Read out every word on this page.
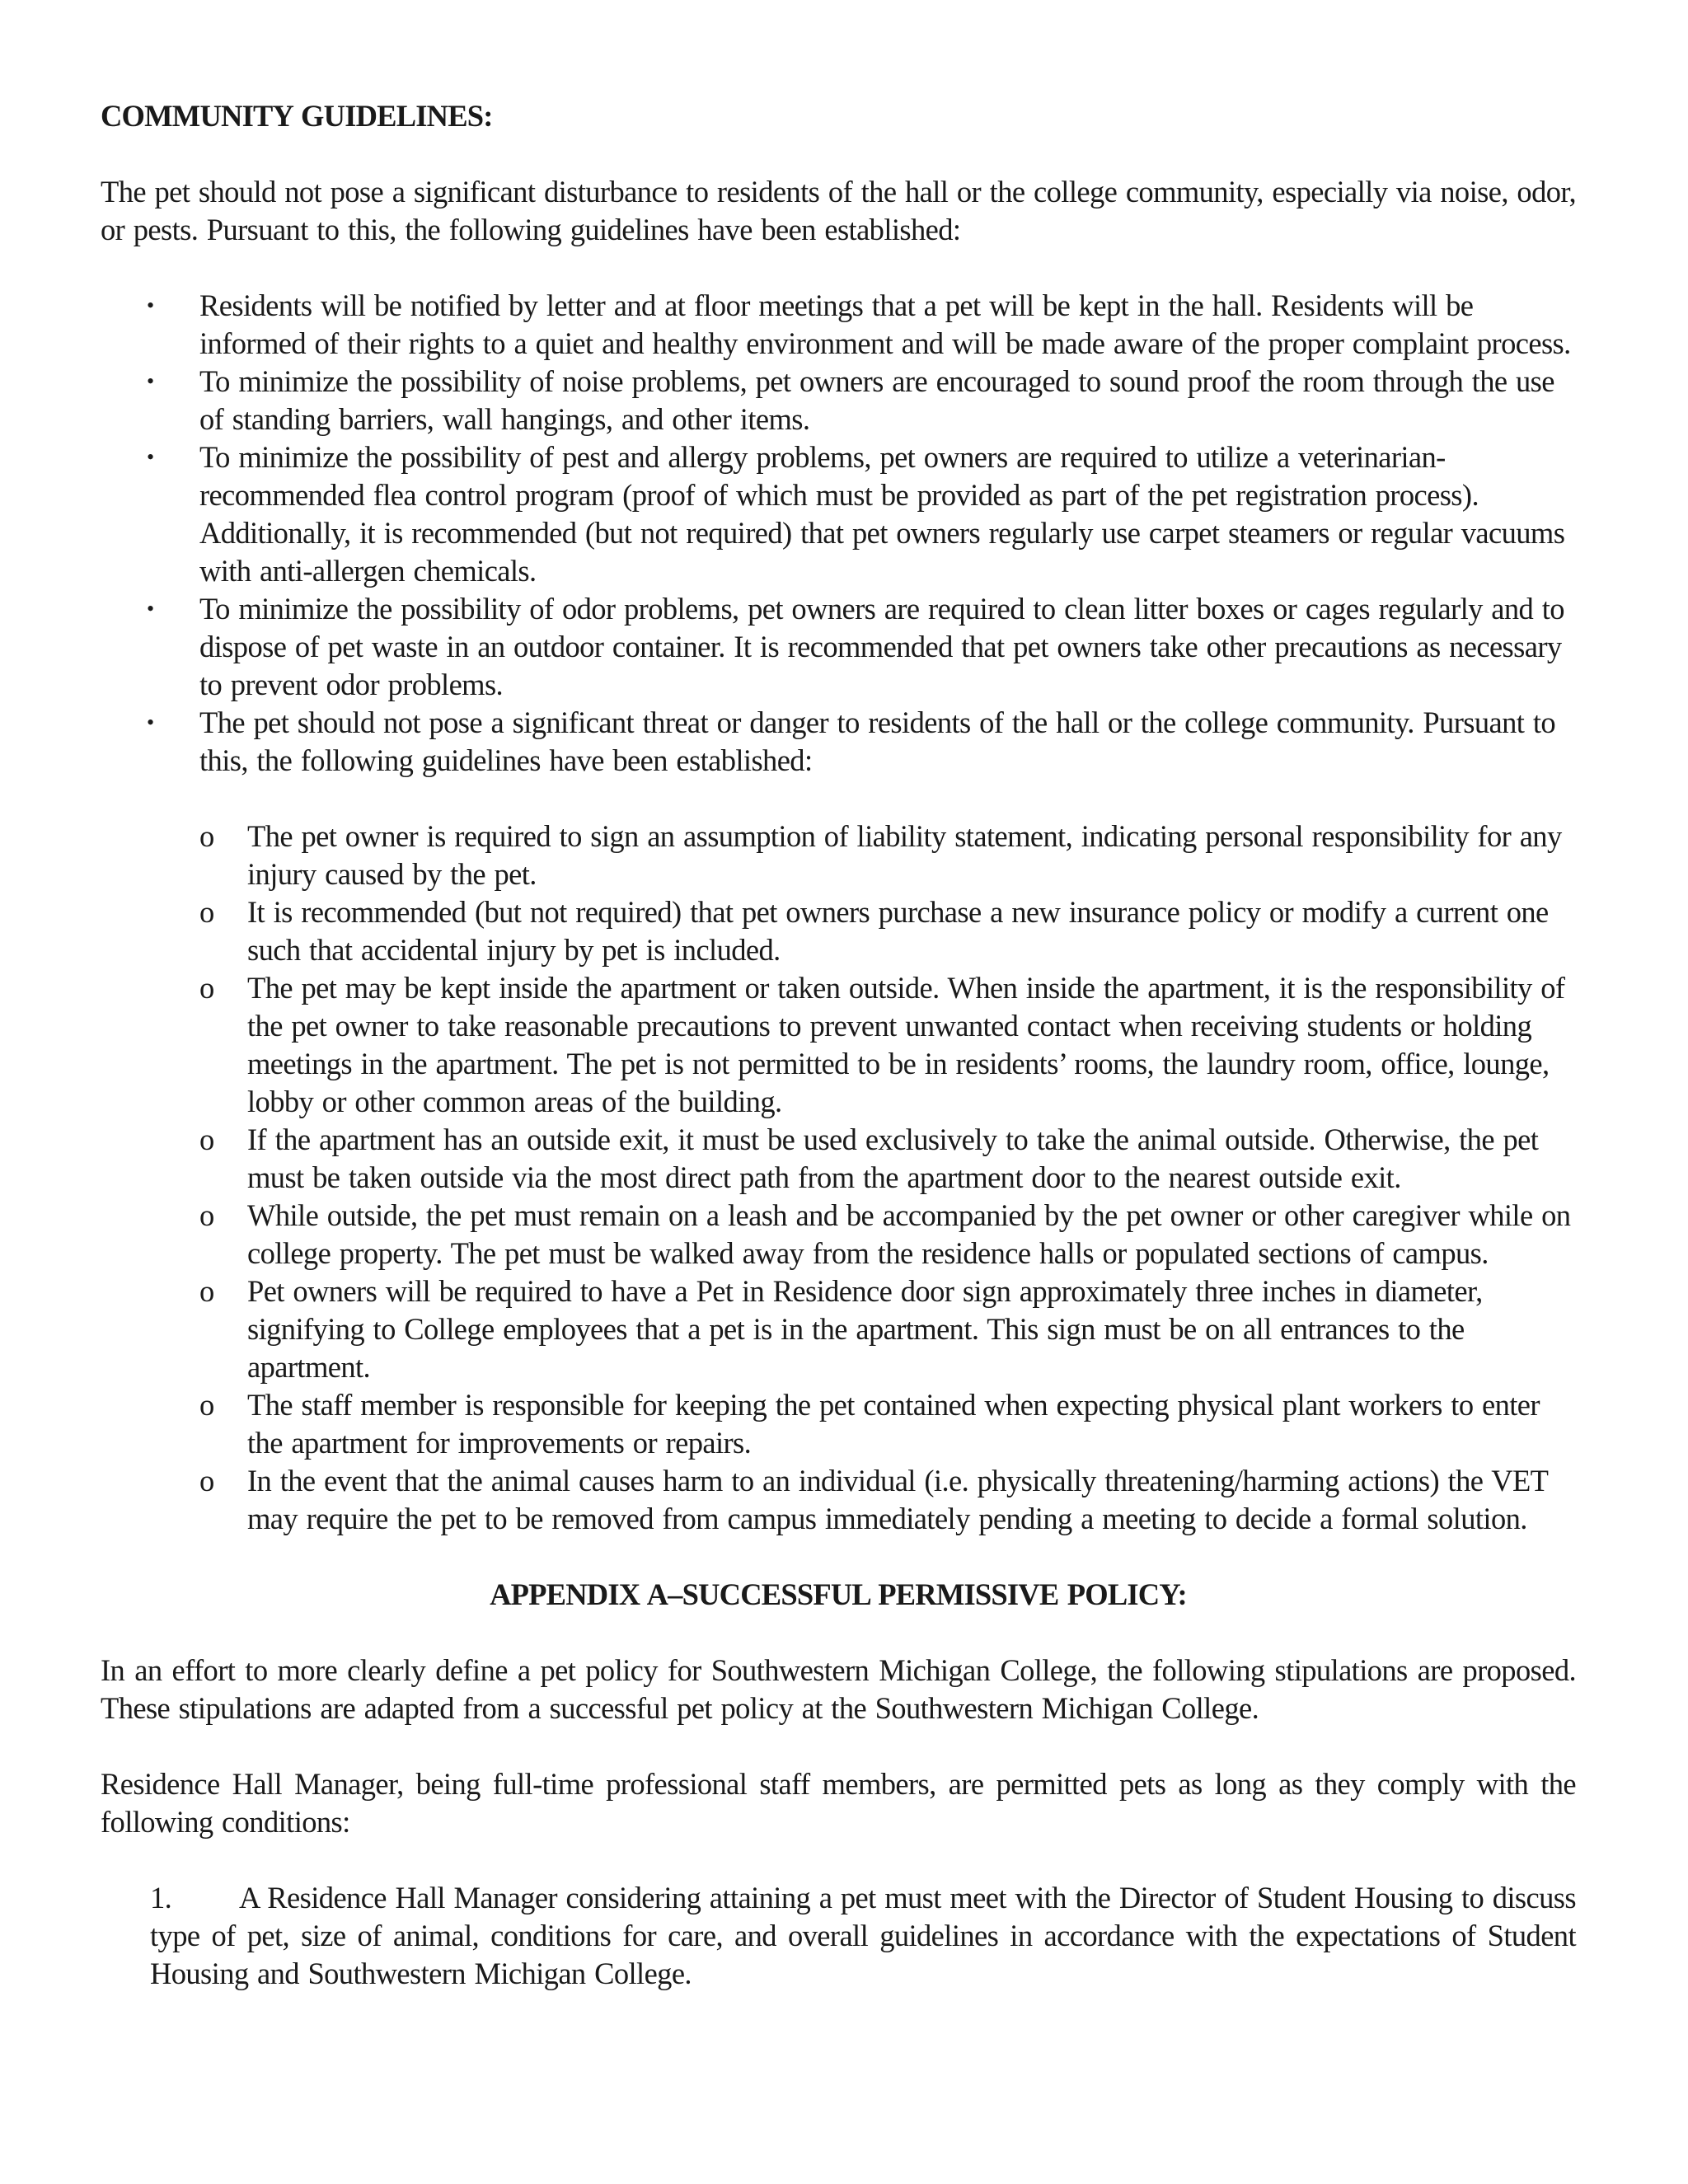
COMMUNITY GUIDELINES:
The pet should not pose a significant disturbance to residents of the hall or the college community, especially via noise, odor, or pests. Pursuant to this, the following guidelines have been established:
• Residents will be notified by letter and at floor meetings that a pet will be kept in the hall. Residents will be informed of their rights to a quiet and healthy environment and will be made aware of the proper complaint process.
• To minimize the possibility of noise problems, pet owners are encouraged to sound proof the room through the use of standing barriers, wall hangings, and other items.
• To minimize the possibility of pest and allergy problems, pet owners are required to utilize a veterinarian-recommended flea control program (proof of which must be provided as part of the pet registration process). Additionally, it is recommended (but not required) that pet owners regularly use carpet steamers or regular vacuums with anti-allergen chemicals.
• To minimize the possibility of odor problems, pet owners are required to clean litter boxes or cages regularly and to dispose of pet waste in an outdoor container. It is recommended that pet owners take other precautions as necessary to prevent odor problems.
• The pet should not pose a significant threat or danger to residents of the hall or the college community. Pursuant to this, the following guidelines have been established:
o The pet owner is required to sign an assumption of liability statement, indicating personal responsibility for any injury caused by the pet.
o It is recommended (but not required) that pet owners purchase a new insurance policy or modify a current one such that accidental injury by pet is included.
o The pet may be kept inside the apartment or taken outside. When inside the apartment, it is the responsibility of the pet owner to take reasonable precautions to prevent unwanted contact when receiving students or holding meetings in the apartment. The pet is not permitted to be in residents’ rooms, the laundry room, office, lounge, lobby or other common areas of the building.
o If the apartment has an outside exit, it must be used exclusively to take the animal outside. Otherwise, the pet must be taken outside via the most direct path from the apartment door to the nearest outside exit.
o While outside, the pet must remain on a leash and be accompanied by the pet owner or other caregiver while on college property. The pet must be walked away from the residence halls or populated sections of campus.
o Pet owners will be required to have a Pet in Residence door sign approximately three inches in diameter, signifying to College employees that a pet is in the apartment. This sign must be on all entrances to the apartment.
o The staff member is responsible for keeping the pet contained when expecting physical plant workers to enter the apartment for improvements or repairs.
o In the event that the animal causes harm to an individual (i.e. physically threatening/harming actions) the VET may require the pet to be removed from campus immediately pending a meeting to decide a formal solution.
APPENDIX A–SUCCESSFUL PERMISSIVE POLICY:
In an effort to more clearly define a pet policy for Southwestern Michigan College, the following stipulations are proposed. These stipulations are adapted from a successful pet policy at the Southwestern Michigan College.
Residence Hall Manager, being full-time professional staff members, are permitted pets as long as they comply with the following conditions:
1. A Residence Hall Manager considering attaining a pet must meet with the Director of Student Housing to discuss type of pet, size of animal, conditions for care, and overall guidelines in accordance with the expectations of Student Housing and Southwestern Michigan College.
